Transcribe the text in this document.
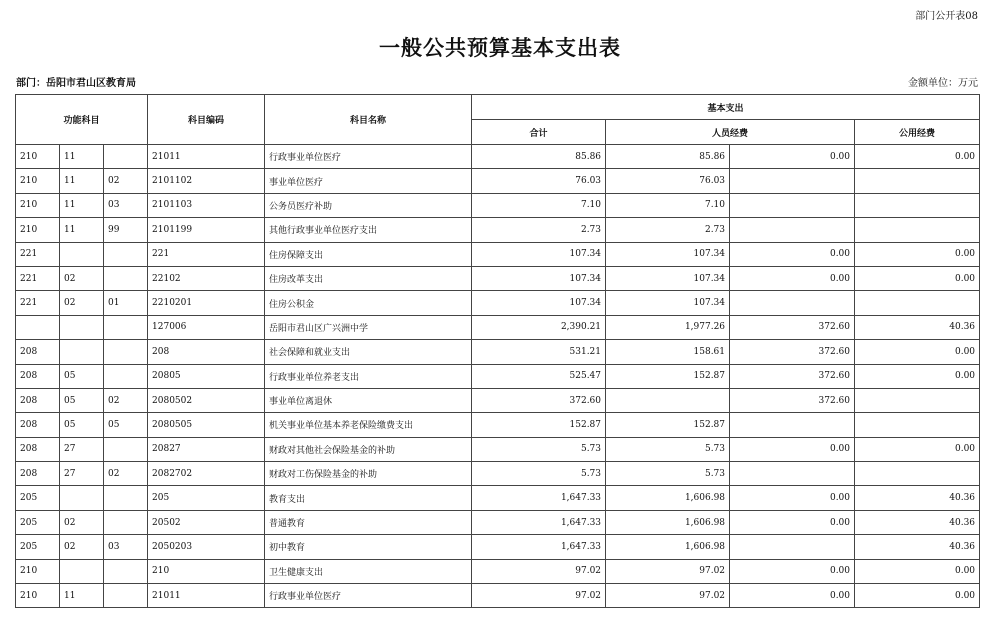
部门公开表08
一般公共预算基本支出表
部门：岳阳市君山区教育局	金额单位：万元
功能科目			科目编码	科目名称	基本支出			
					合计	人员经费		公用经费
210	11		21011	行政事业单位医疗	85.86	85.86	0.00	0.00
210	11	02	2101102	事业单位医疗	76.03	76.03		
210	11	03	2101103	公务员医疗补助	7.10	7.10		
210	11	99	2101199	其他行政事业单位医疗支出	2.73	2.73		
221			221	住房保障支出	107.34	107.34	0.00	0.00
221	02		22102	住房改革支出	107.34	107.34	0.00	0.00
221	02	01	2210201	住房公积金	107.34	107.34		
			127006	岳阳市君山区广兴洲中学	2,390.21	1,977.26	372.60	40.36
208			208	社会保障和就业支出	531.21	158.61	372.60	0.00
208	05		20805	行政事业单位养老支出	525.47	152.87	372.60	0.00
208	05	02	2080502	事业单位离退休	372.60		372.60	
208	05	05	2080505	机关事业单位基本养老保险缴费支出	152.87	152.87		
208	27		20827	财政对其他社会保险基金的补助	5.73	5.73	0.00	0.00
208	27	02	2082702	财政对工伤保险基金的补助	5.73	5.73		
205			205	教育支出	1,647.33	1,606.98	0.00	40.36
205	02		20502	普通教育	1,647.33	1,606.98	0.00	40.36
205	02	03	2050203	初中教育	1,647.33	1,606.98		40.36
210			210	卫生健康支出	97.02	97.02	0.00	0.00
210	11		21011	行政事业单位医疗	97.02	97.02	0.00	0.00
